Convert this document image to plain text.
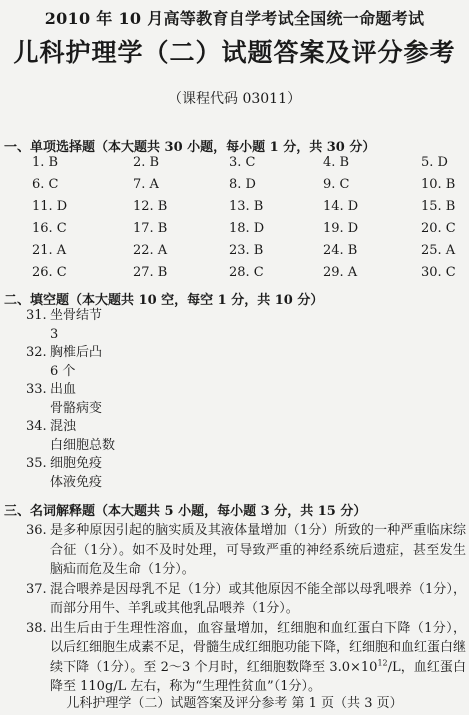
2010 年 10 月高等教育自学考试全国统一命题考试
儿科护理学（二）试题答案及评分参考
（课程代码 03011）
一、单项选择题（本大题共 30 小题，每小题 1 分，共 30 分）
1. B	2. B	3. C	4. B	5. D
6. C	7. A	8. D	9. C	10. B
11. D	12. B	13. B	14. D	15. B
16. C	17. B	18. D	19. D	20. C
21. A	22. A	23. B	24. B	25. A
26. C	27. B	28. C	29. A	30. C
二、填空题（本大题共 10 空，每空 1 分，共 10 分）
31. 坐骨结节
3
32. 胸椎后凸
6 个
33. 出血
骨骼病变
34. 混浊
白细胞总数
35. 细胞免疫
体液免疫
三、名词解释题（本大题共 5 小题，每小题 3 分，共 15 分）
36. 是多种原因引起的脑实质及其液体量增加（1分）所致的一种严重临床综合征（1分）。如不及时处理，可导致严重的神经系统后遗症，甚至发生脑疝而危及生命（1分）。
37. 混合喂养是因母乳不足（1分）或其他原因不能全部以母乳喂养（1分），而部分用牛、羊乳或其他乳品喂养（1分）。
38. 出生后由于生理性溶血，血容量增加，红细胞和血红蛋白下降（1分），以后红细胞生成素不足，骨髓生成红细胞功能下降，红细胞和血红蛋白继续下降（1分）。至 2～3 个月时，红细胞数降至 $3.0\times 10^{12}/L$，血红蛋白降至 110g/L 左右，称为“生理性贫血”（1分）。
儿科护理学（二）试题答案及评分参考 第 1 页（共 3 页）
